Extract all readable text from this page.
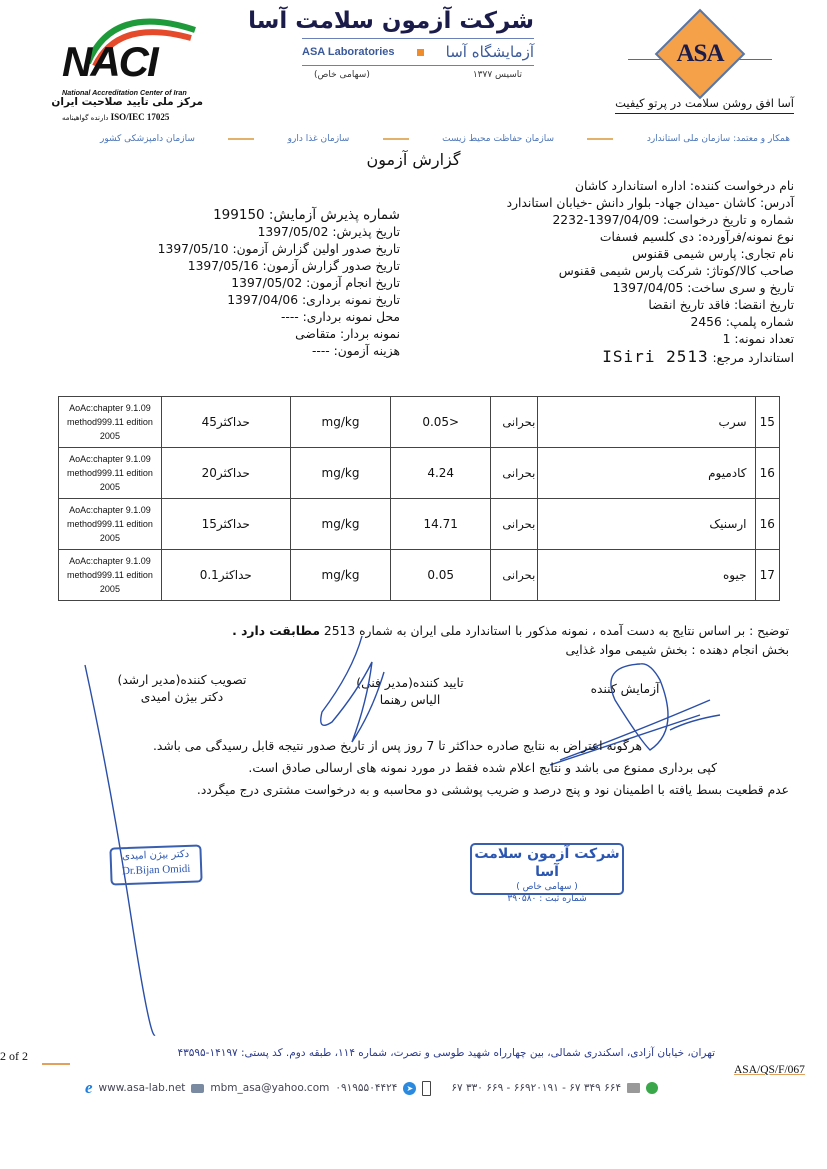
NACI
National Accreditation Center of Iran
مرکز ملی تایید صلاحیت ایران
دارنده گواهینامه ISO/IEC 17025
شرکت آزمون سلامت آسا
ASA Laboratories	آزمایشگاه آسا
(سهامی خاص)	تاسیس ۱۳۷۷
ASA
آسا افق روشن سلامت در پرتو کیفیت
سازمان دامپزشکی کشور	سازمان غذا دارو	سازمان حفاظت محیط زیست	همکار و معتمد: سازمان ملی استاندارد
گزارش آزمون
نام درخواست کننده: اداره استاندارد کاشان
آدرس: کاشان -میدان جهاد- بلوار دانش -خیابان استاندارد
شماره و تاریخ درخواست: 1397/04/09-2232
نوع نمونه/فرآورده: دی کلسیم فسفات
نام تجاری: پارس شیمی ققنوس
صاحب کالا/کوتاژ: شرکت پارس شیمی ققنوس
تاریخ و سری ساخت: 1397/04/05
تاریخ انقضا: فاقد تاریخ انقضا
شماره پلمپ: 2456
تعداد نمونه: 1
استاندارد مرجع: ISiri 2513
شماره پذیرش آزمایش: 199150
تاریخ پذیرش: 1397/05/02
تاریخ صدور اولین گزارش آزمون: 1397/05/10
تاریخ صدور گزارش آزمون: 1397/05/16
تاریخ انجام آزمون: 1397/05/02
تاریخ نمونه برداری: 1397/04/06
محل نمونه برداری: ----
نمونه بردار: متقاضی
هزینه آزمون: ----
AoAc:chapter 9.1.09
method999.11 edition
2005	حداکثر45	mg/kg	<0.05	بحرانی	سرب	15

AoAc:chapter 9.1.09
method999.11 edition
2005	حداکثر20	mg/kg	4.24	بحرانی	کادمیوم	16

AoAc:chapter 9.1.09
method999.11 edition
2005	حداکثر15	mg/kg	14.71	بحرانی	ارسنیک	16

AoAc:chapter 9.1.09
method999.11 edition
2005	حداکثر0.1	mg/kg	0.05	بحرانی	جیوه	17
توضیح : بر اساس نتایج به دست آمده ، نمونه مذکور با استاندارد ملی ایران به شماره 2513 مطابقت دارد .
بخش انجام دهنده : بخش شیمی مواد غذایی
تصویب کننده(مدیر ارشد)
دکتر بیژن امیدی
تایید کننده(مدیر فنی)
الیاس رهنما
آزمایش کننده
هرگونه اعتراض به نتایج صادره حداکثر تا 7 روز پس از تاریخ صدور نتیجه قابل رسیدگی می باشد.
کپی برداری ممنوع می باشد و نتایج اعلام شده فقط در مورد نمونه های ارسالی صادق است.
عدم قطعیت بسط یافته با اطمینان نود و پنج درصد و ضریب پوششی دو محاسبه و به درخواست مشتری درج میگردد.
دکتر بیژن امیدی
Dr.Bijan Omidi
شرکت آزمون سلامت آسا
( سهامی خاص )
شماره ثبت : ۳۹۰۵۸۰
2 of 2	تهران، خیابان آزادی، اسکندری شمالی، بین چهارراه شهید طوسی و نصرت، شماره ۱۱۴، طبقه دوم. کد پستی: ۱۴۱۹۷-۴۳۵۹۵
ASA/QS/F/067
e www.asa-lab.net mbm_asa@yahoo.com ۰۹۱۹۵۵۰۴۴۲۴	➤	۶۶۴ ۳۴۹ ۶۷ - ۶۶۹۲۰۱۹۱ - ۶۶۹ ۳۳۰ ۶۷
